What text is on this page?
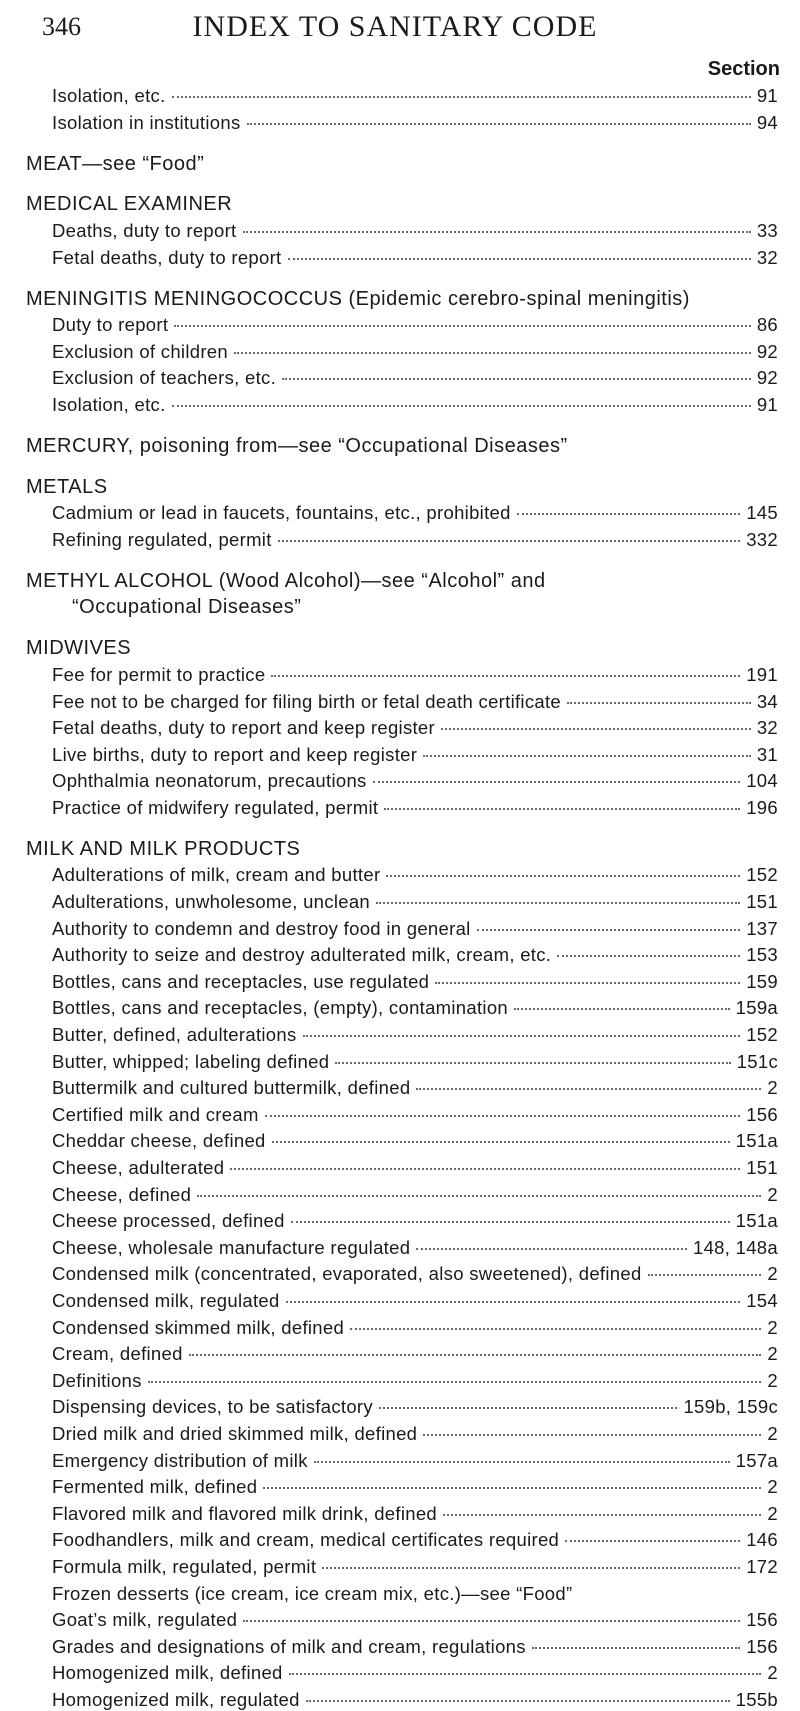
346	INDEX TO SANITARY CODE
Section
Isolation, etc.	91
Isolation in institutions	94
MEAT—see “Food”
MEDICAL EXAMINER
Deaths, duty to report	33
Fetal deaths, duty to report	32
MENINGITIS MENINGOCOCCUS (Epidemic cerebro-spinal meningitis)
Duty to report	86
Exclusion of children	92
Exclusion of teachers, etc.	92
Isolation, etc.	91
MERCURY, poisoning from—see “Occupational Diseases”
METALS
Cadmium or lead in faucets, fountains, etc., prohibited	145
Refining regulated, permit	332
METHYL ALCOHOL (Wood Alcohol)—see “Alcohol” and
“Occupational Diseases”
MIDWIVES
Fee for permit to practice	191
Fee not to be charged for filing birth or fetal death certificate	34
Fetal deaths, duty to report and keep register	32
Live births, duty to report and keep register	31
Ophthalmia neonatorum, precautions	104
Practice of midwifery regulated, permit	196
MILK AND MILK PRODUCTS
Adulterations of milk, cream and butter	152
Adulterations, unwholesome, unclean	151
Authority to condemn and destroy food in general	137
Authority to seize and destroy adulterated milk, cream, etc.	153
Bottles, cans and receptacles, use regulated	159
Bottles, cans and receptacles, (empty), contamination	159a
Butter, defined, adulterations	152
Butter, whipped; labeling defined	151c
Buttermilk and cultured buttermilk, defined	2
Certified milk and cream	156
Cheddar cheese, defined	151a
Cheese, adulterated	151
Cheese, defined	2
Cheese processed, defined	151a
Cheese, wholesale manufacture regulated	148, 148a
Condensed milk (concentrated, evaporated, also sweetened), defined	2
Condensed milk, regulated	154
Condensed skimmed milk, defined	2
Cream, defined	2
Definitions	2
Dispensing devices, to be satisfactory	159b, 159c
Dried milk and dried skimmed milk, defined	2
Emergency distribution of milk	157a
Fermented milk, defined	2
Flavored milk and flavored milk drink, defined	2
Foodhandlers, milk and cream, medical certificates required	146
Formula milk, regulated, permit	172
Frozen desserts (ice cream, ice cream mix, etc.)—see “Food”
Goat’s milk, regulated	156
Grades and designations of milk and cream, regulations	156
Homogenized milk, defined	2
Homogenized milk, regulated	155b
